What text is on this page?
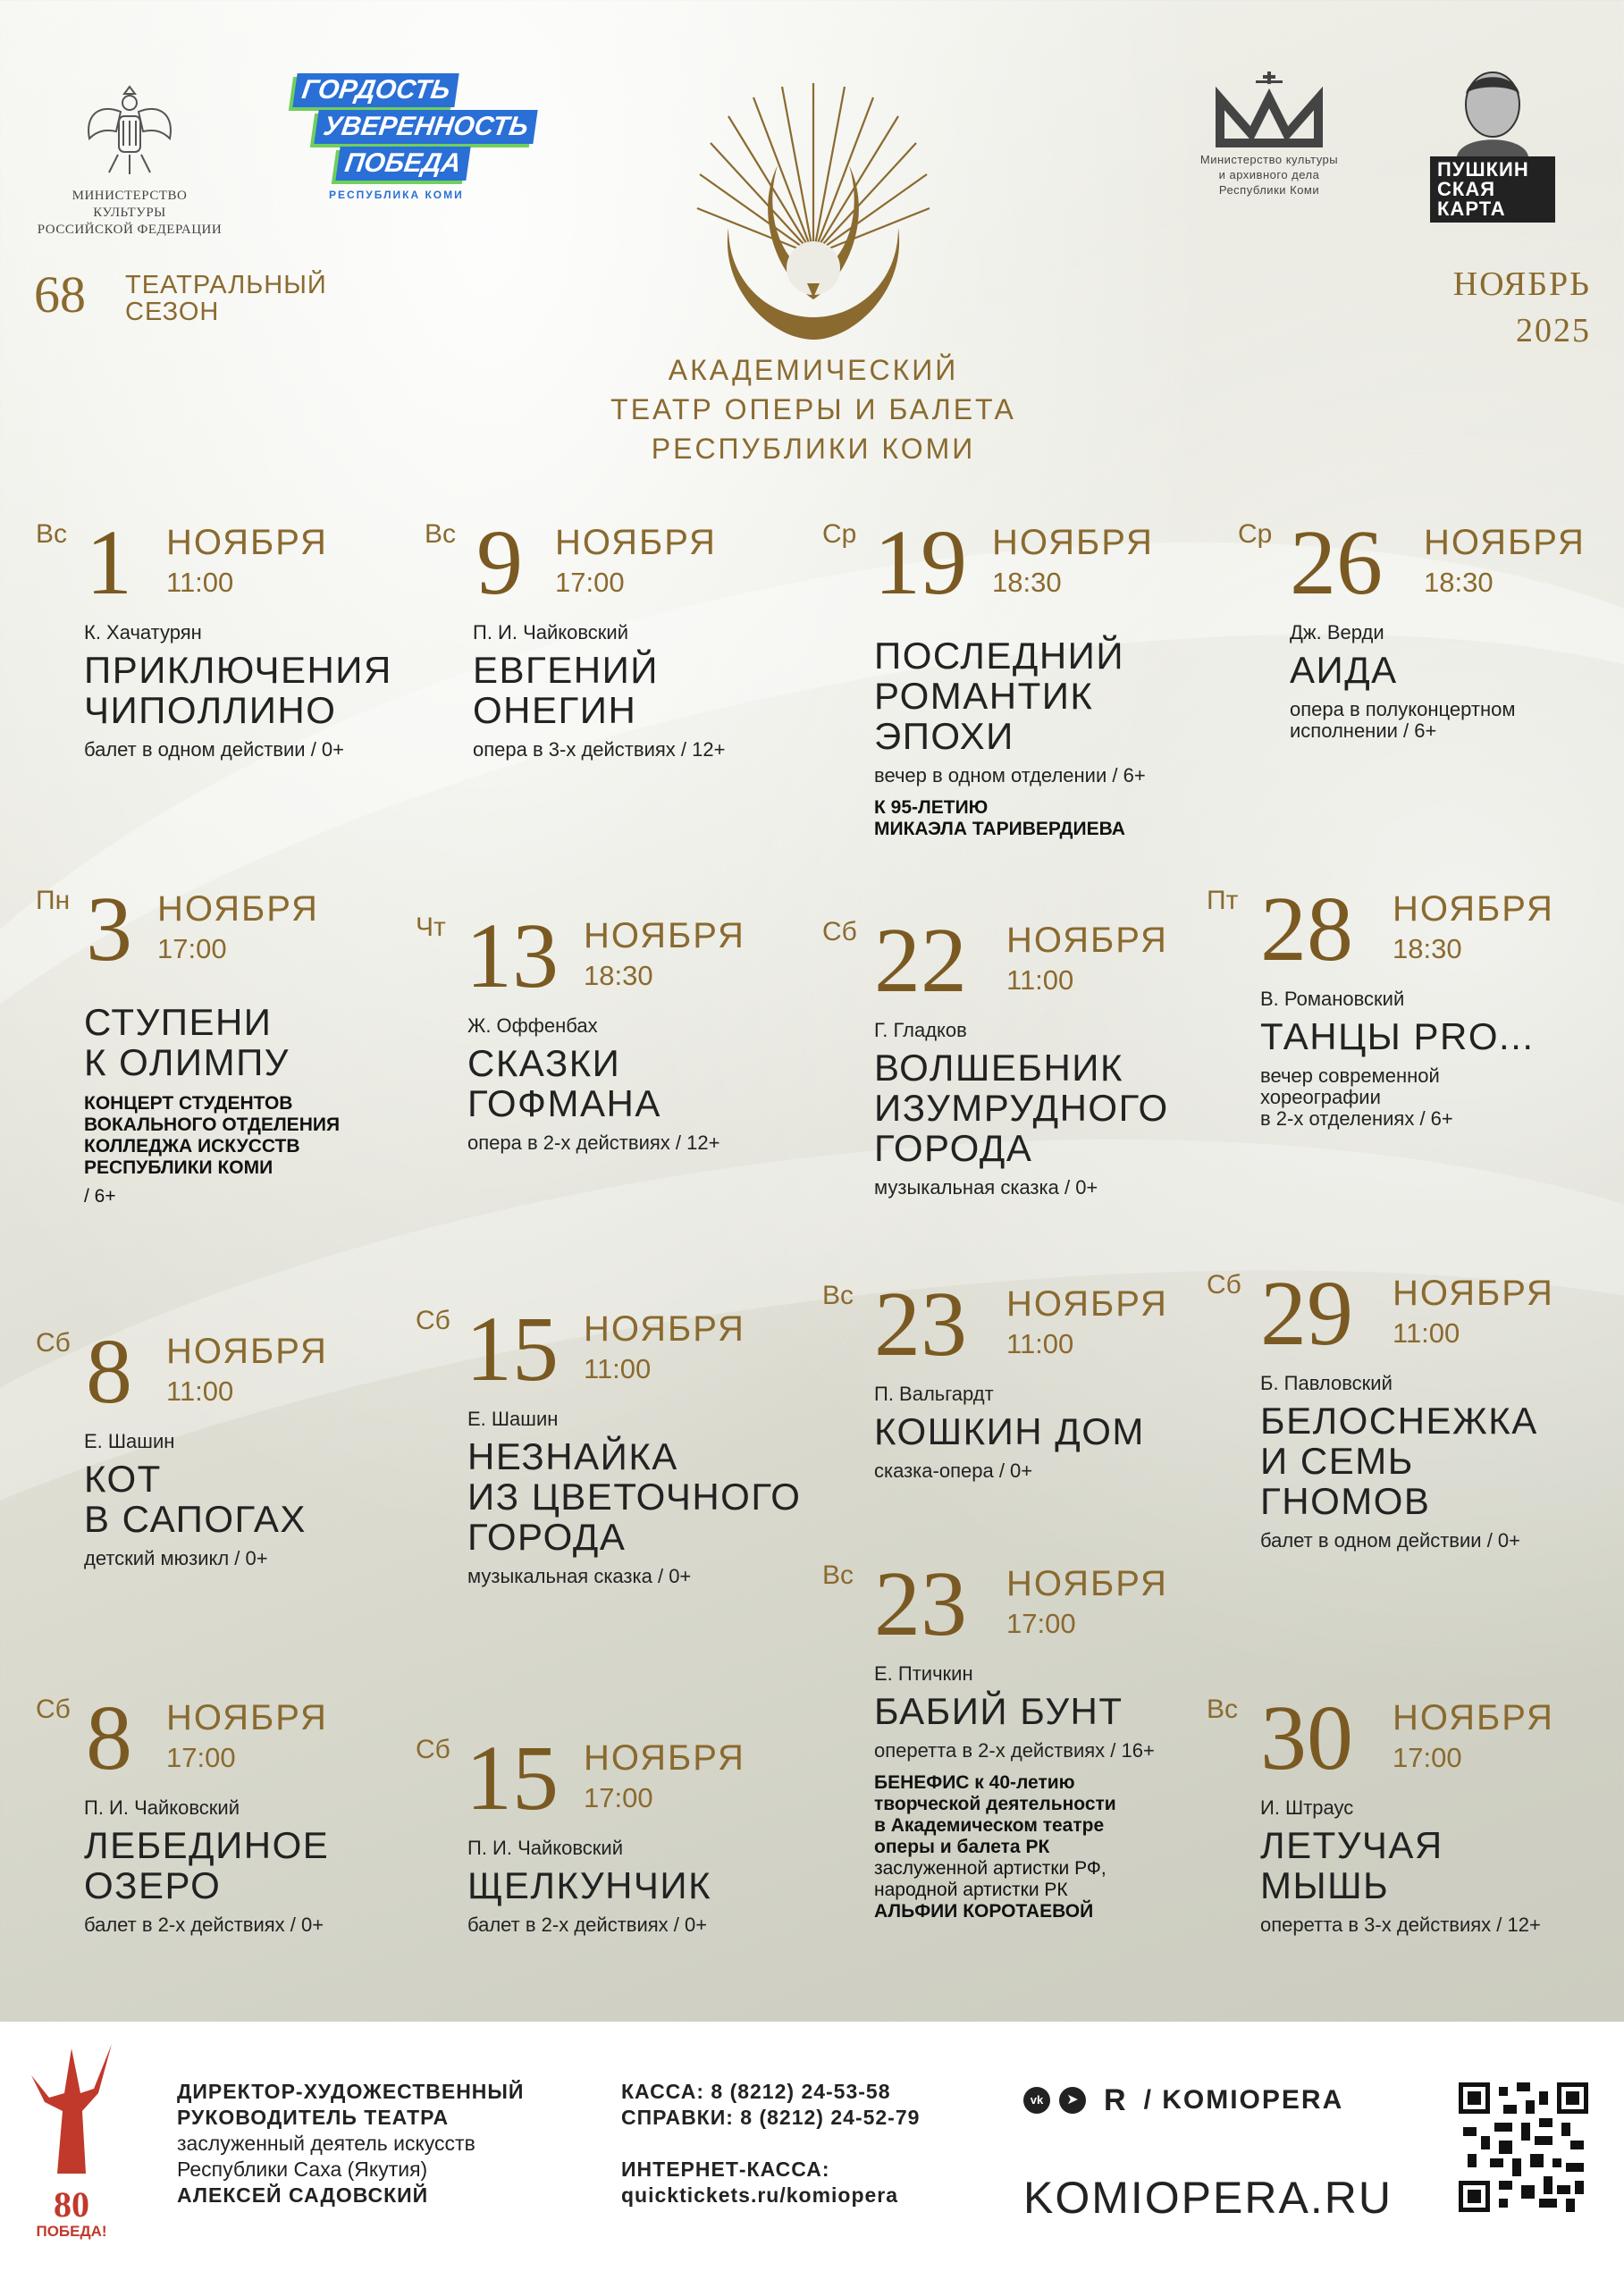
МИНИСТЕРСТВО КУЛЬТУРЫ
РОССИЙСКОЙ ФЕДЕРАЦИИ
ГОРДОСТЬ
УВЕРЕННОСТЬ
ПОБЕДА
РЕСПУБЛИКА КОМИ
Министерство культуры
и архивного дела
Республики Коми
ПУШКИН
СКАЯ
КАРТА
68 ТЕАТРАЛЬНЫЙ
СЕЗОН
НОЯБРЬ
2025
АКАДЕМИЧЕСКИЙ
ТЕАТР ОПЕРЫ И БАЛЕТА
РЕСПУБЛИКИ КОМИ
Вс 1 НОЯБРЯ
11:00
К. Хачатурян
ПРИКЛЮЧЕНИЯ
ЧИПОЛЛИНО
балет в одном действии / 0+
Вс 9 НОЯБРЯ
17:00
П. И. Чайковский
ЕВГЕНИЙ
ОНЕГИН
опера в 3-х действиях / 12+
Ср 19 НОЯБРЯ
18:30
ПОСЛЕДНИЙ
РОМАНТИК
ЭПОХИ
вечер в одном отделении / 6+
К 95-ЛЕТИЮ
МИКАЭЛА ТАРИВЕРДИЕВА
Ср 26 НОЯБРЯ
18:30
Дж. Верди
АИДА
опера в полуконцертном
исполнении / 6+
Пн 3 НОЯБРЯ
17:00
СТУПЕНИ
К ОЛИМПУ
КОНЦЕРТ СТУДЕНТОВ
ВОКАЛЬНОГО ОТДЕЛЕНИЯ
КОЛЛЕДЖА ИСКУССТВ
РЕСПУБЛИКИ КОМИ
/ 6+
Чт 13 НОЯБРЯ
18:30
Ж. Оффенбах
СКАЗКИ
ГОФМАНА
опера в 2-х действиях / 12+
Сб 22 НОЯБРЯ
11:00
Г. Гладков
ВОЛШЕБНИК
ИЗУМРУДНОГО
ГОРОДА
музыкальная сказка / 0+
Пт 28 НОЯБРЯ
18:30
В. Романовский
ТАНЦЫ PRO...
вечер современной
хореографии
в 2-х отделениях / 6+
Сб 8 НОЯБРЯ
11:00
Е. Шашин
КОТ
В САПОГАХ
детский мюзикл / 0+
Сб 15 НОЯБРЯ
11:00
Е. Шашин
НЕЗНАЙКА
ИЗ ЦВЕТОЧНОГО
ГОРОДА
музыкальная сказка / 0+
Вс 23 НОЯБРЯ
11:00
П. Вальгардт
КОШКИН ДОМ
сказка-опера / 0+
Сб 29 НОЯБРЯ
11:00
Б. Павловский
БЕЛОСНЕЖКА
И СЕМЬ
ГНОМОВ
балет в одном действии / 0+
Вс 23 НОЯБРЯ
17:00
Е. Птичкин
БАБИЙ БУНТ
оперетта в 2-х действиях / 16+
БЕНЕФИС к 40-летию
творческой деятельности
в Академическом театре
оперы и балета РК
заслуженной артистки РФ,
народной артистки РК
АЛЬФИИ КОРОТАЕВОЙ
Сб 8 НОЯБРЯ
17:00
П. И. Чайковский
ЛЕБЕДИНОЕ
ОЗЕРО
балет в 2-х действиях / 0+
Сб 15 НОЯБРЯ
17:00
П. И. Чайковский
ЩЕЛКУНЧИК
балет в 2-х действиях / 0+
Вс 30 НОЯБРЯ
17:00
И. Штраус
ЛЕТУЧАЯ
МЫШЬ
оперетта в 3-х действиях / 12+
80
ПОБЕДА!
ДИРЕКТОР-ХУДОЖЕСТВЕННЫЙ
РУКОВОДИТЕЛЬ ТЕАТРА
заслуженный деятель искусств
Республики Саха (Якутия)
АЛЕКСЕЙ САДОВСКИЙ
КАССА: 8 (8212) 24-53-58
СПРАВКИ: 8 (8212) 24-52-79
ИНТЕРНЕТ-КАССА:
quicktickets.ru/komiopera
vk	➤ R / KOMIOPERA
KOMIOPERA.RU
